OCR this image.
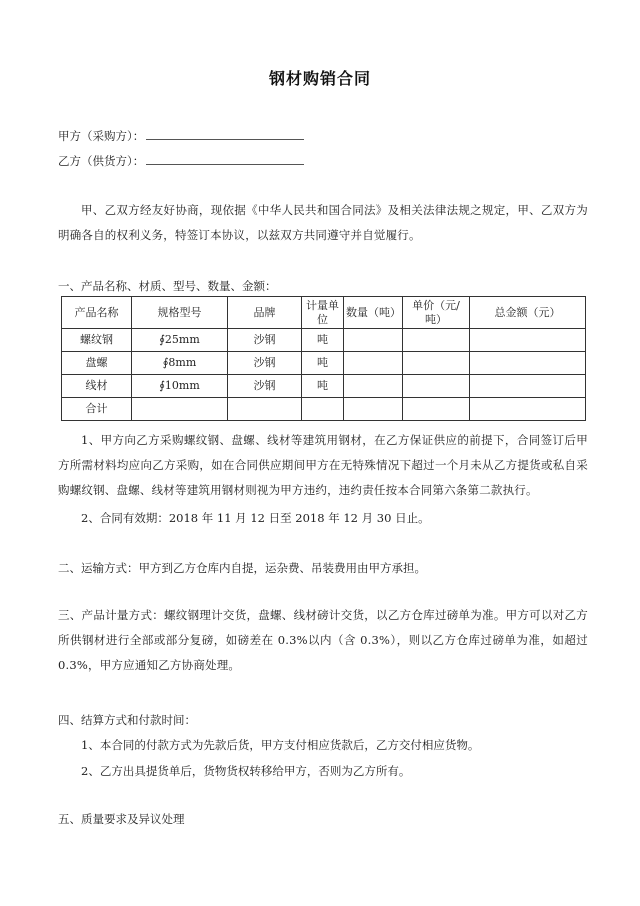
钢材购销合同
甲方（采购方）：
乙方（供货方）：
甲、乙双方经友好协商，现依据《中华人民共和国合同法》及相关法律法规之规定，甲、乙双方为明确各自的权利义务，特签订本协议，以兹双方共同遵守并自觉履行。
一、产品名称、材质、型号、数量、金额：
产品名称	规格型号	品牌	计量单位	数量（吨）	单价（元/吨）	总金额（元）
螺纹钢	∮25mm	沙钢	吨			
盘螺	∮8mm	沙钢	吨			
线材	∮10mm	沙钢	吨			
合计						
1、甲方向乙方采购螺纹钢、盘螺、线材等建筑用钢材，在乙方保证供应的前提下，合同签订后甲方所需材料均应向乙方采购，如在合同供应期间甲方在无特殊情况下超过一个月未从乙方提货或私自采购螺纹钢、盘螺、线材等建筑用钢材则视为甲方违约，违约责任按本合同第六条第二款执行。
2、合同有效期：2018 年 11 月 12 日至 2018 年 12 月 30 日止。
二、运输方式：甲方到乙方仓库内自提，运杂费、吊装费用由甲方承担。
三、产品计量方式：螺纹钢理计交货，盘螺、线材磅计交货，以乙方仓库过磅单为准。甲方可以对乙方所供钢材进行全部或部分复磅，如磅差在 0.3%以内（含 0.3%），则以乙方仓库过磅单为准，如超过 0.3%，甲方应通知乙方协商处理。
四、结算方式和付款时间：
1、本合同的付款方式为先款后货，甲方支付相应货款后，乙方交付相应货物。
2、乙方出具提货单后，货物货权转移给甲方，否则为乙方所有。
五、质量要求及异议处理
